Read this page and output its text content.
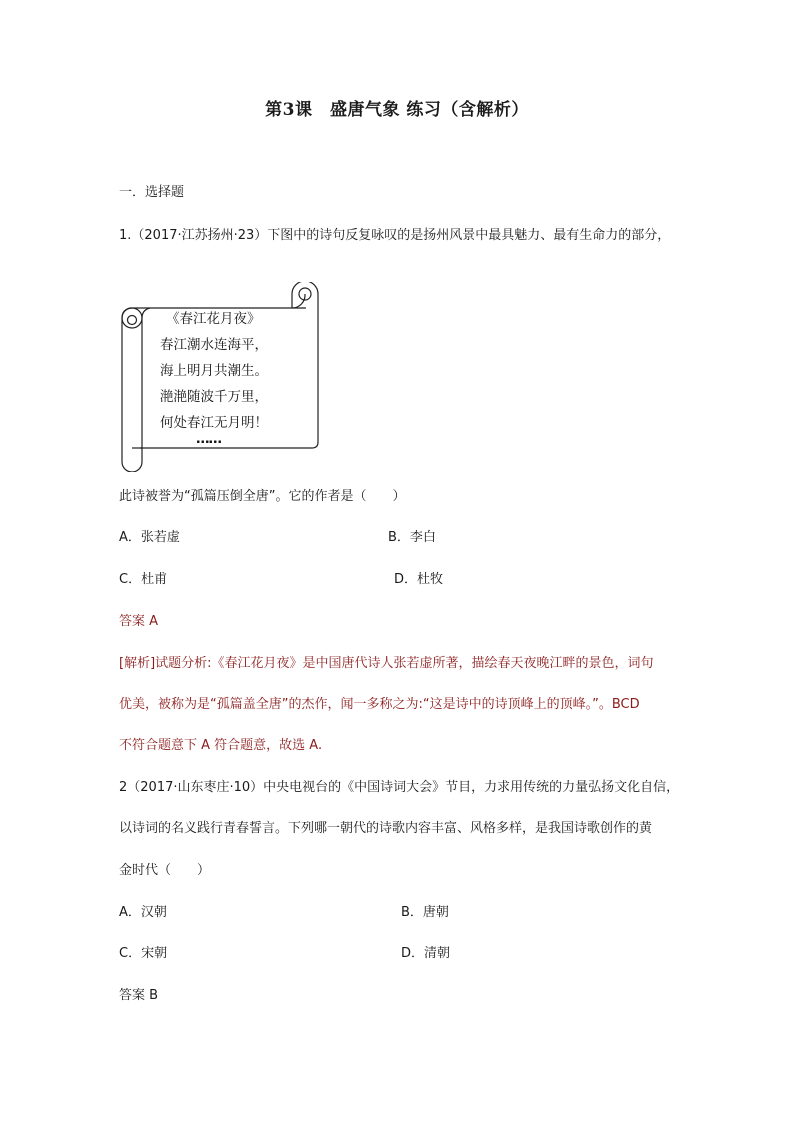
第3课　盛唐气象 练习（含解析）
一．选择题
1.（2017·江苏扬州·23）下图中的诗句反复咏叹的是扬州风景中最具魅力、最有生命力的部分，
《春江花月夜》
春江潮水连海平，
海上明月共潮生。
滟滟随波千万里，
何处春江无月明！
……
此诗被誉为“孤篇压倒全唐”。它的作者是（　　）
A．张若虚	B．李白
C．杜甫	D．杜牧
答案 A
[解析]试题分析:《春江花月夜》是中国唐代诗人张若虚所著，描绘春天夜晚江畔的景色，词句
优美，被称为是“孤篇盖全唐”的杰作，闻一多称之为:“这是诗中的诗顶峰上的顶峰。”。BCD
不符合题意下 A 符合题意，故选 A.
2（2017·山东枣庄·10）中央电视台的《中国诗词大会》节目，力求用传统的力量弘扬文化自信，
以诗词的名义践行青春誓言。下列哪一朝代的诗歌内容丰富、风格多样，是我国诗歌创作的黄
金时代（　　）
A．汉朝	B．唐朝
C．宋朝	D．清朝
答案 B
